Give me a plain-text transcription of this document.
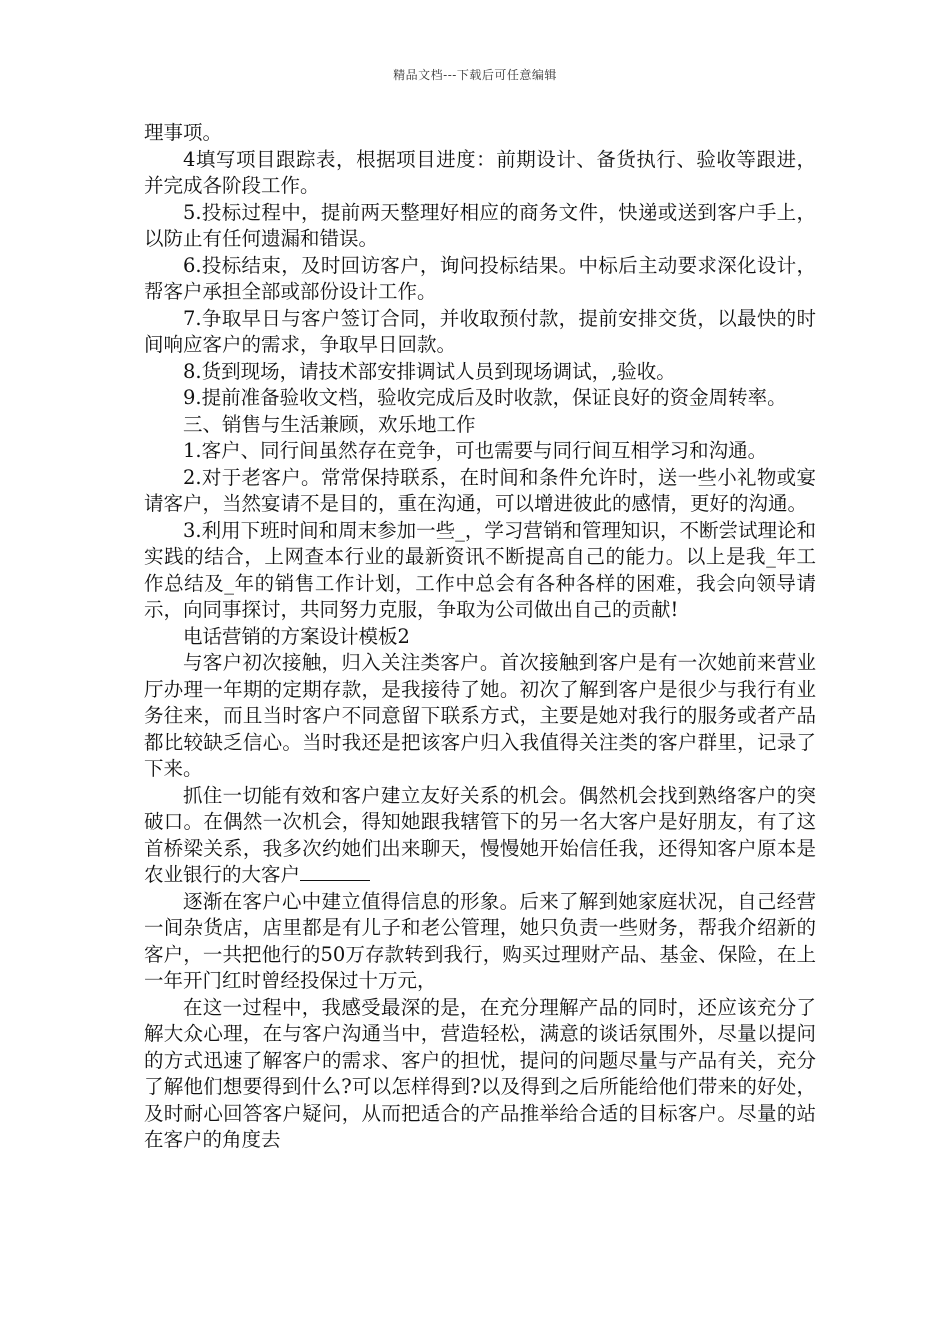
精品文档---下载后可任意编辑

理事项。

4填写项目跟踪表，根据项目进度：前期设计、备货执行、验收等跟进，并完成各阶段工作。

5.投标过程中，提前两天整理好相应的商务文件，快递或送到客户手上，以防止有任何遗漏和错误。

6.投标结束，及时回访客户，询问投标结果。中标后主动要求深化设计，帮客户承担全部或部份设计工作。

7.争取早日与客户签订合同，并收取预付款，提前安排交货，以最快的时间响应客户的需求，争取早日回款。

8.货到现场，请技术部安排调试人员到现场调试，,验收。

9.提前准备验收文档，验收完成后及时收款，保证良好的资金周转率。

三、销售与生活兼顾，欢乐地工作

1.客户、同行间虽然存在竞争，可也需要与同行间互相学习和沟通。

2.对于老客户。常常保持联系，在时间和条件允许时，送一些小礼物或宴请客户，当然宴请不是目的，重在沟通，可以增进彼此的感情，更好的沟通。

3.利用下班时间和周末参加一些_，学习营销和管理知识，不断尝试理论和实践的结合，上网查本行业的最新资讯不断提高自己的能力。以上是我_年工作总结及_年的销售工作计划，工作中总会有各种各样的困难，我会向领导请示，向同事探讨，共同努力克服，争取为公司做出自己的贡献!

电话营销的方案设计模板2

与客户初次接触，归入关注类客户。首次接触到客户是有一次她前来营业厅办理一年期的定期存款，是我接待了她。初次了解到客户是很少与我行有业务往来，而且当时客户不同意留下联系方式，主要是她对我行的服务或者产品都比较缺乏信心。当时我还是把该客户归入我值得关注类的客户群里，记录了下来。

抓住一切能有效和客户建立友好关系的机会。偶然机会找到熟络客户的突破口。在偶然一次机会，得知她跟我辖管下的另一名大客户是好朋友，有了这首桥梁关系，我多次约她们出来聊天，慢慢她开始信任我，还得知客户原本是农业银行的大客户

逐渐在客户心中建立值得信息的形象。后来了解到她家庭状况，自己经营一间杂货店，店里都是有儿子和老公管理，她只负责一些财务，帮我介绍新的客户，一共把他行的50万存款转到我行，购买过理财产品、基金、保险，在上一年开门红时曾经投保过十万元，

在这一过程中，我感受最深的是，在充分理解产品的同时，还应该充分了解大众心理，在与客户沟通当中，营造轻松，满意的谈话氛围外，尽量以提问的方式迅速了解客户的需求、客户的担忧，提问的问题尽量与产品有关，充分了解他们想要得到什么?可以怎样得到?以及得到之后所能给他们带来的好处，及时耐心回答客户疑问，从而把适合的产品推举给合适的目标客户。尽量的站在客户的角度去
